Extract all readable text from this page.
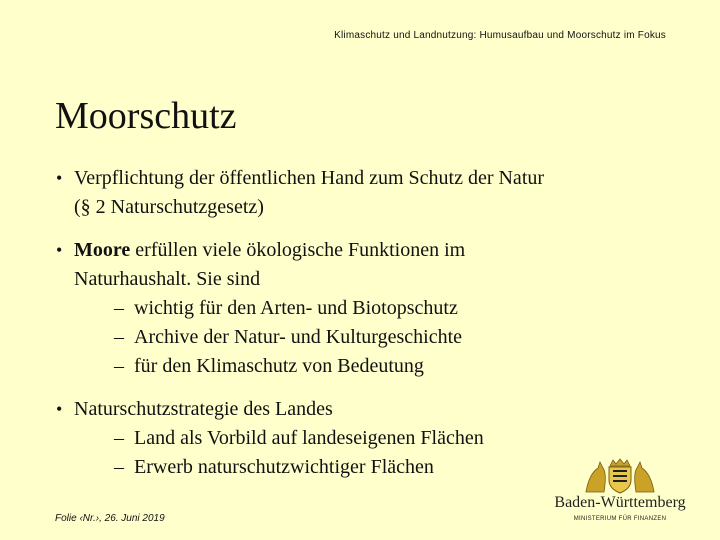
Klimaschutz und Landnutzung: Humusaufbau und Moorschutz im Fokus
Moorschutz
• Verpflichtung der öffentlichen Hand zum Schutz der Natur
(§ 2 Naturschutzgesetz)
• Moore erfüllen viele ökologische Funktionen im
Naturhaushalt. Sie sind
– wichtig für den Arten- und Biotopschutz
– Archive der Natur- und Kulturgeschichte
– für den Klimaschutz von Bedeutung
• Naturschutzstrategie des Landes
– Land als Vorbild auf landeseigenen Flächen
– Erwerb naturschutzwichtiger Flächen
Folie ‹Nr.›, 26. Juni 2019
Baden-Württemberg
MINISTERIUM FÜR FINANZEN
